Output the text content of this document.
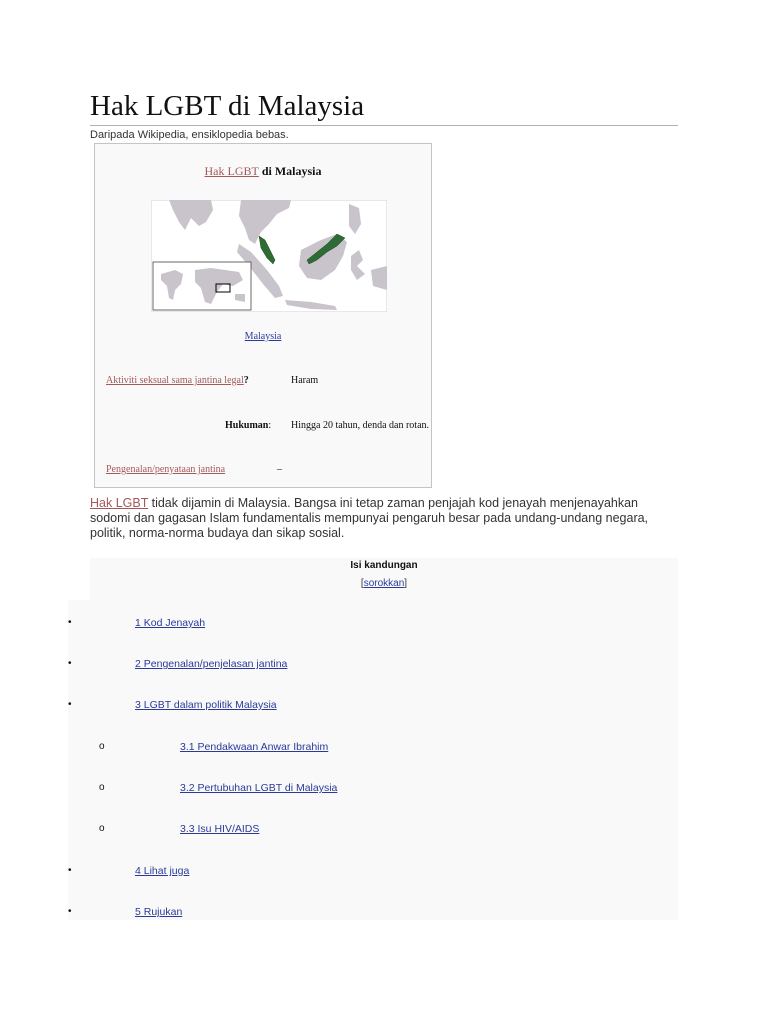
Hak LGBT di Malaysia
Daripada Wikipedia, ensiklopedia bebas.
Hak LGBT di Malaysia
Malaysia
Aktiviti seksual sama jantina legal?	Haram
Hukuman: Hingga 20 tahun, denda dan rotan.
Pengenalan/penyataan jantina	–

Hak LGBT tidak dijamin di Malaysia. Bangsa ini tetap zaman penjajah kod jenayah menjenayahkan sodomi dan gagasan Islam fundamentalis mempunyai pengaruh besar pada undang-undang negara, politik, norma-norma budaya dan sikap sosial.

Isi kandungan
[sorokkan]
•	1 Kod Jenayah
•	2 Pengenalan/penjelasan jantina
•	3 LGBT dalam politik Malaysia
o	3.1 Pendakwaan Anwar Ibrahim
o	3.2 Pertubuhan LGBT di Malaysia
o	3.3 Isu HIV/AIDS
•	4 Lihat juga
•	5 Rujukan
